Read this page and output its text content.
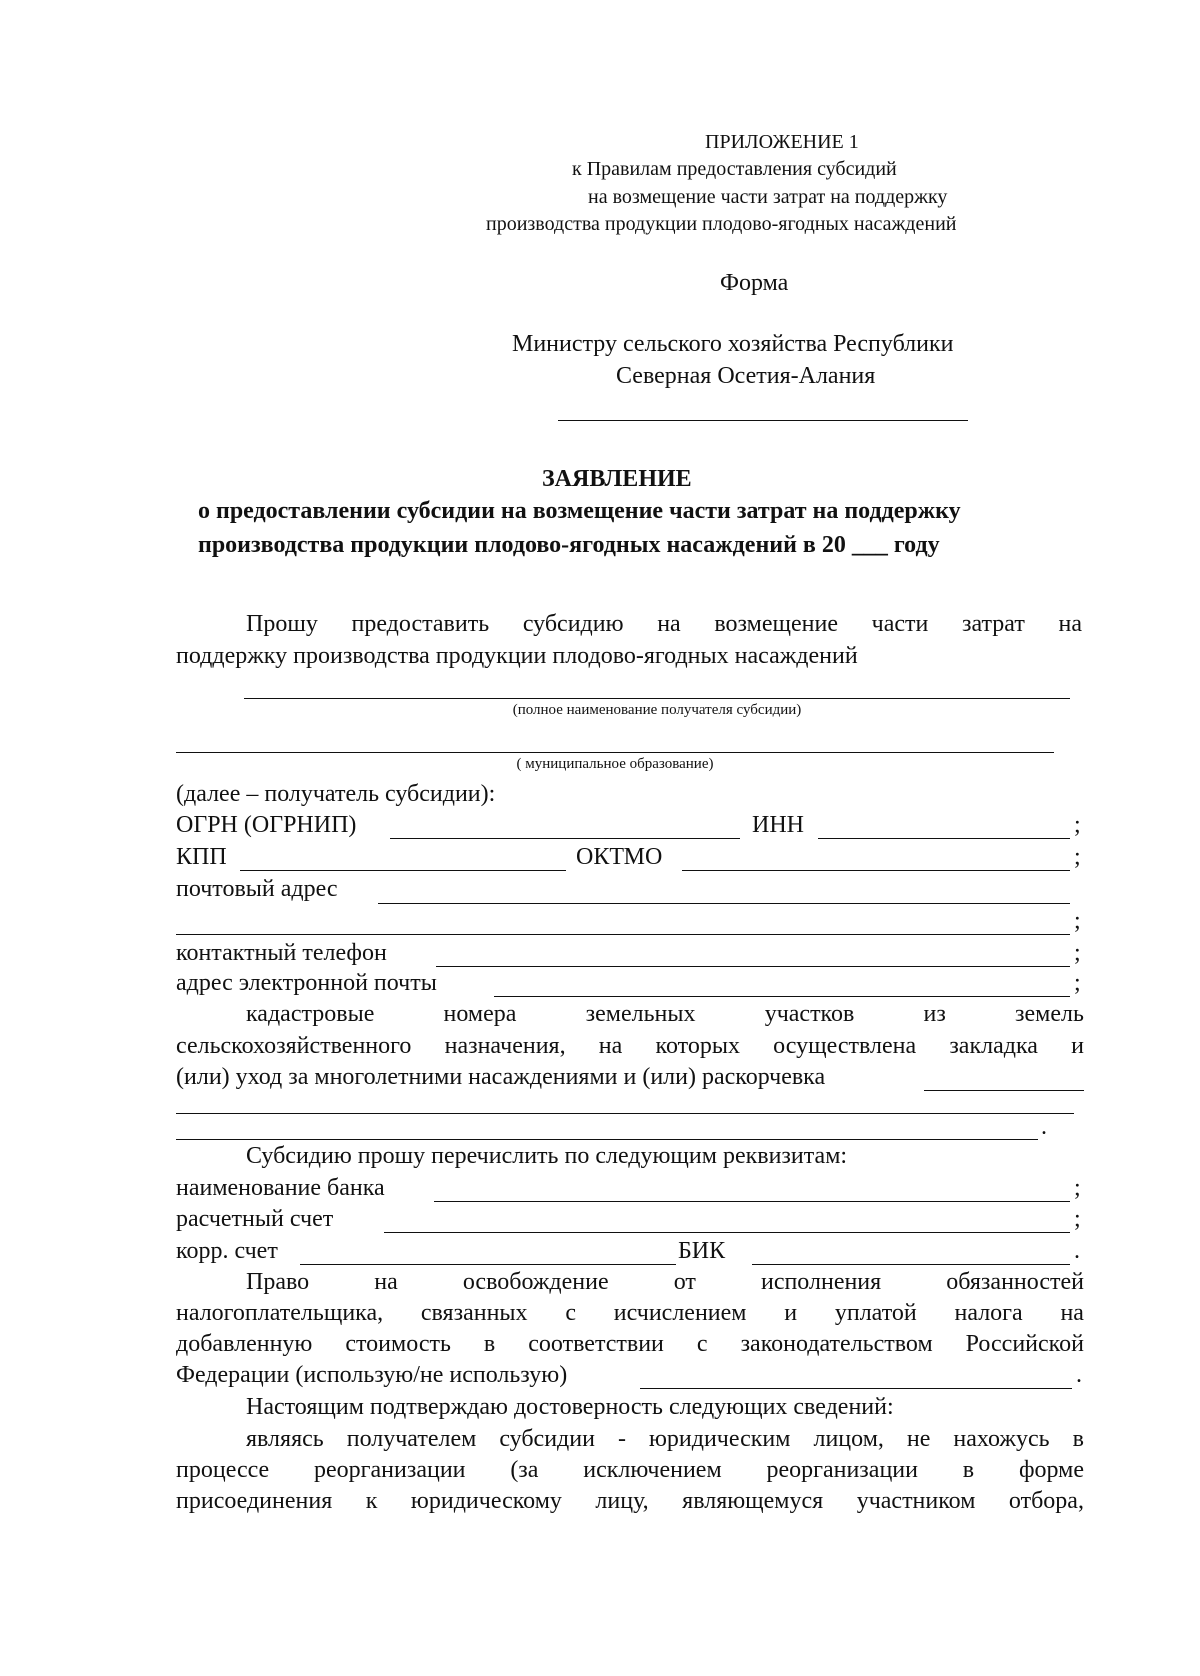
ПРИЛОЖЕНИЕ 1
к Правилам предоставления субсидий
на возмещение части затрат на поддержку
производства продукции плодово-ягодных насаждений
Форма
Министру сельского хозяйства Республики
Северная Осетия-Алания
ЗАЯВЛЕНИЕ
о предоставлении субсидии на возмещение части затрат на поддержку
производства продукции плодово-ягодных насаждений в 20 ___ году
Прошу предоставить субсидию на возмещение части затрат на
поддержку производства продукции плодово-ягодных насаждений
(полное наименование получателя субсидии)
( муниципальное образование)
(далее – получатель субсидии):
ОГРН (ОГРНИП)	ИНН	;
КПП	ОКТМО	;
почтовый адрес
;
контактный телефон	;
адрес электронной почты	;
кадастровые	номера	земельных	участков	из	земель
сельскохозяйственного назначения, на которых осуществлена закладка и
(или) уход за многолетними насаждениями и (или) раскорчевка
.
Субсидию прошу перечислить по следующим реквизитам:
наименование банка	;
расчетный счет	;
корр. счет	БИК	.
Право	на	освобождение	от	исполнения	обязанностей
налогоплательщика, связанных с исчислением и уплатой налога на
добавленную стоимость в соответствии с законодательством Российской
Федерации (использую/не использую)	.
Настоящим подтверждаю достоверность следующих сведений:
являясь получателем субсидии - юридическим лицом, не нахожусь в
процессе реорганизации (за исключением реорганизации в форме
присоединения к юридическому лицу, являющемуся участником отбора,
